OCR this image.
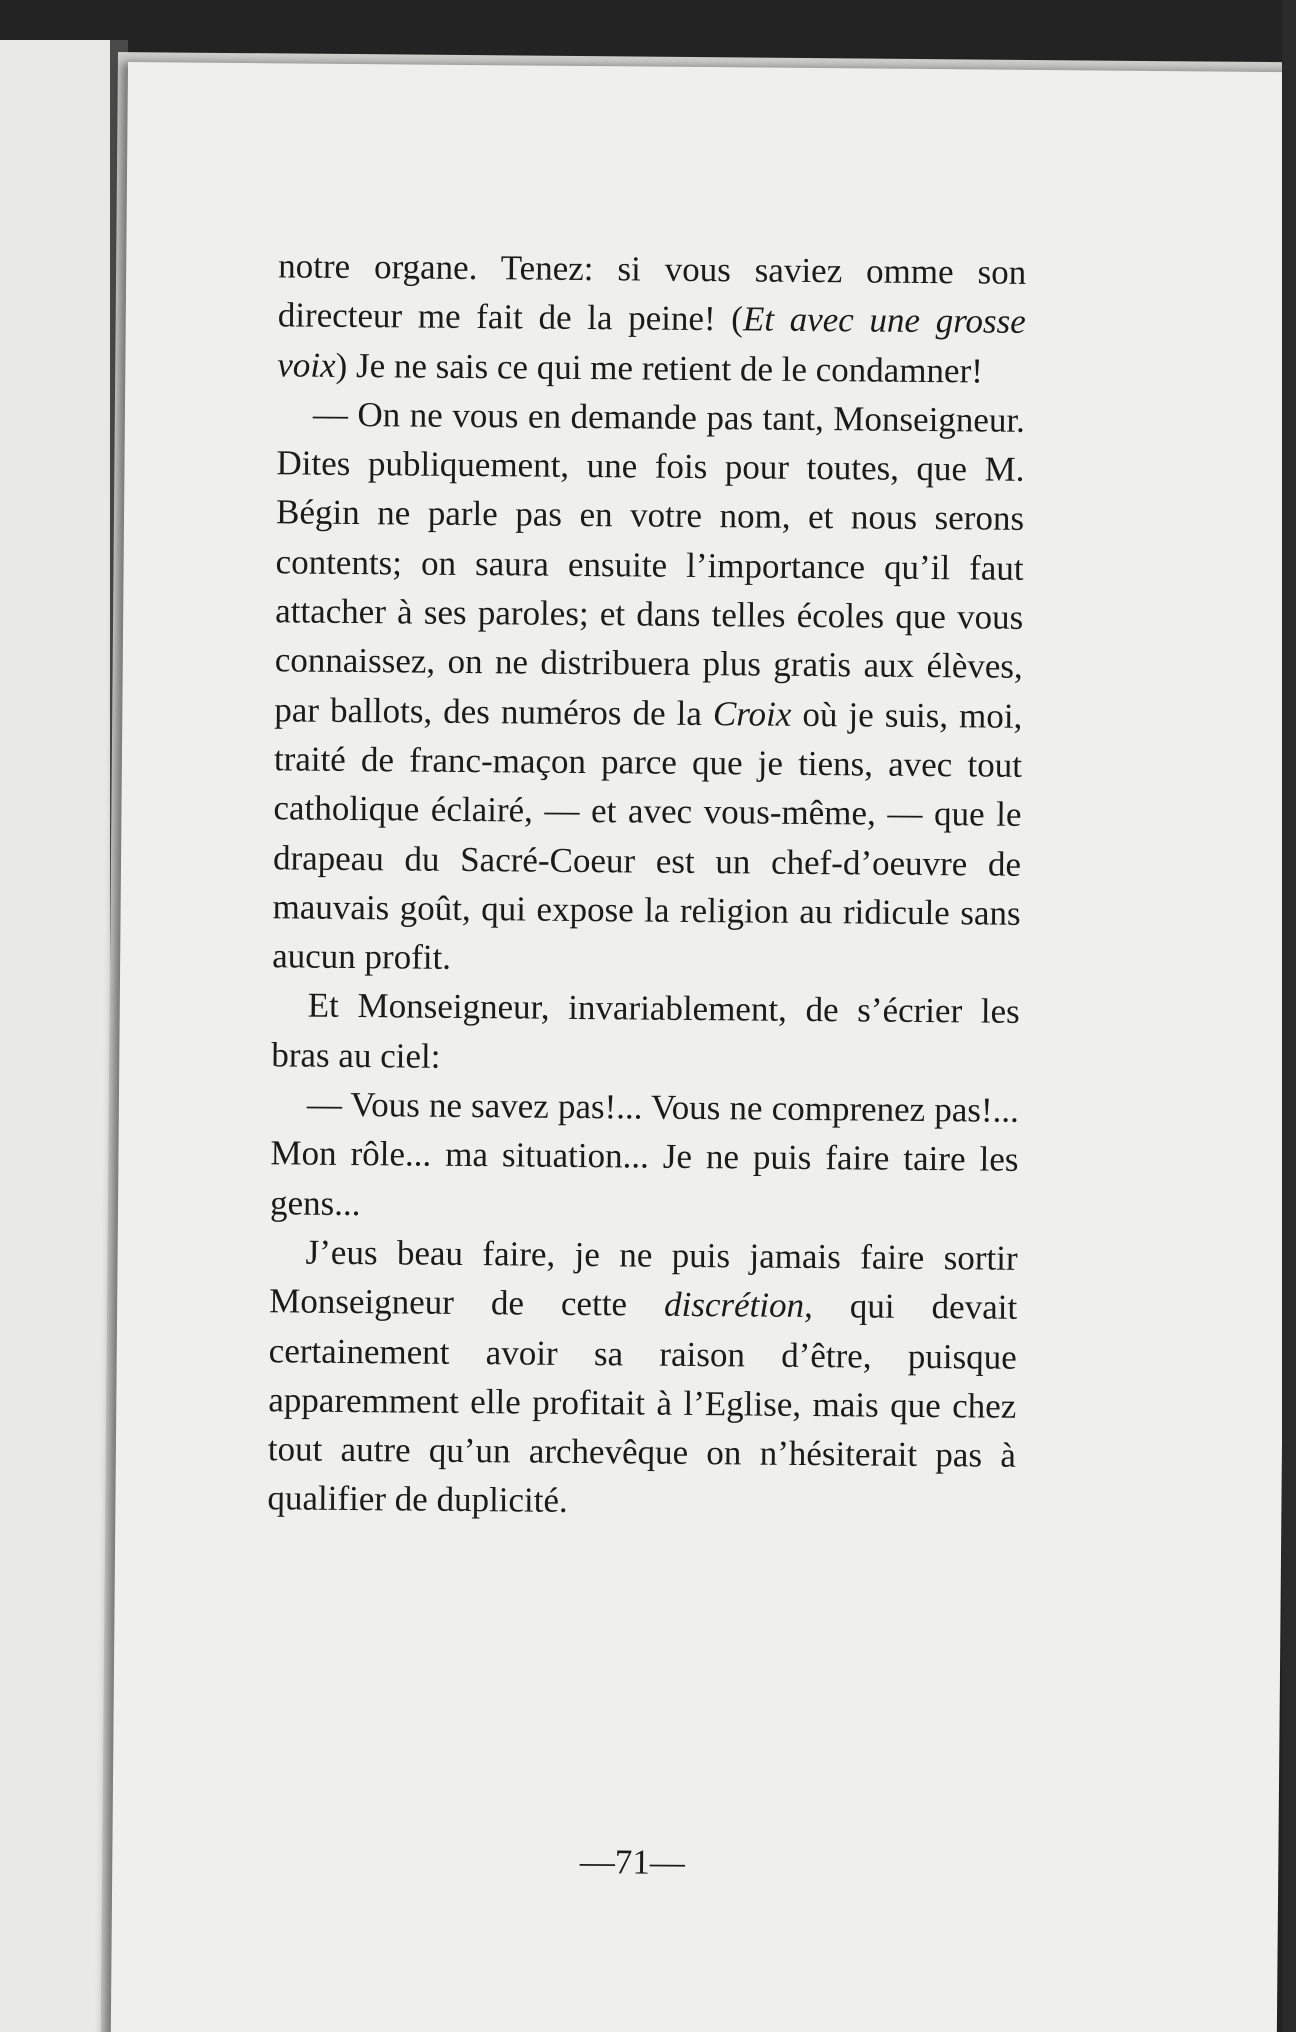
notre organe. Tenez: si vous saviez omme son directeur me fait de la peine! (Et avec une grosse voix) Je ne sais ce qui me retient de le condamner!

— On ne vous en demande pas tant, Monseigneur. Dites publiquement, une fois pour toutes, que M. Bégin ne parle pas en votre nom, et nous serons contents; on saura ensuite l’importance qu’il faut attacher à ses paroles; et dans telles écoles que vous connaissez, on ne distribuera plus gratis aux élèves, par ballots, des numéros de la Croix où je suis, moi, traité de franc-maçon parce que je tiens, avec tout catholique éclairé, — et avec vous-même, — que le drapeau du Sacré-Coeur est un chef-d’oeuvre de mauvais goût, qui expose la religion au ridicule sans aucun profit.

Et Monseigneur, invariablement, de s’écrier les bras au ciel:

— Vous ne savez pas!... Vous ne comprenez pas!... Mon rôle... ma situation... Je ne puis faire taire les gens...

J’eus beau faire, je ne puis jamais faire sortir Monseigneur de cette discrétion, qui devait certainement avoir sa raison d’être, puisque apparemment elle profitait à l’Eglise, mais que chez tout autre qu’un archevêque on n’hésiterait pas à qualifier de duplicité.

—71—
